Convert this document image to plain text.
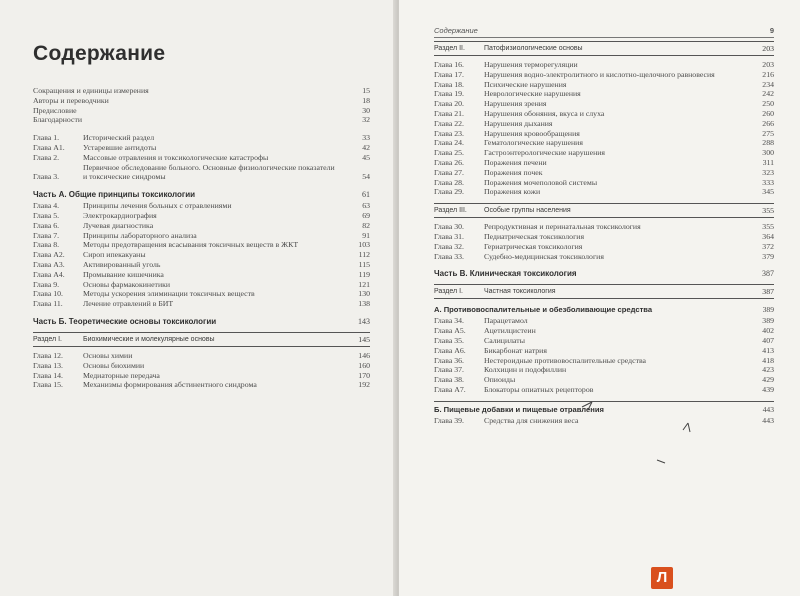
Содержание
Сокращения и единицы измерения	15
Авторы и переводчики	18
Предисловие	30
Благодарности	32
Глава 1.	Исторический раздел	33
Глава А1.	Устаревшие антидоты	42
Глава 2.	Массовые отравления и токсикологические катастрофы	45
Глава 3.
Первичное обследование больного. Основные физиологические показатели и токсические синдромы	54
Часть А. Общие принципы токсикологии	61
Глава 4.	Принципы лечения больных с отравлениями	63
Глава 5.	Электрокардиография	69
Глава 6.	Лучевая диагностика	82
Глава 7.	Принципы лабораторного анализа	91
Глава 8.	Методы предотвращения всасывания токсичных веществ в ЖКТ	103
Глава А2.	Сироп ипекакуаны	112
Глава А3.	Активированный уголь	115
Глава А4.	Промывание кишечника	119
Глава 9.	Основы фармакокинетики	121
Глава 10.	Методы ускорения элиминации токсичных веществ	130
Глава 11.	Лечение отравлений в БИТ	138
Часть Б. Теоретические основы токсикологии	143
Раздел I.	Биохимические и молекулярные основы	145
Глава 12.	Основы химии	146
Глава 13.	Основы биохимии	160
Глава 14.	Медиаторные передача	170
Глава 15.	Механизмы формирования абстинентного синдрома	192
Содержание	9
Раздел II.	Патофизиологические основы	203
Глава 16.	Нарушения терморегуляции	203
Глава 17.	Нарушения водно-электролитного и кислотно-щелочного равновесия	216
Глава 18.	Психические нарушения	234
Глава 19.	Неврологические нарушения	242
Глава 20.	Нарушения зрения	250
Глава 21.	Нарушения обоняния, вкуса и слуха	260
Глава 22.	Нарушения дыхания	266
Глава 23.	Нарушения кровообращения	275
Глава 24.	Гематологические нарушения	288
Глава 25.	Гастроэнтерологические нарушения	300
Глава 26.	Поражения печени	311
Глава 27.	Поражения почек	323
Глава 28.	Поражения мочеполовой системы	333
Глава 29.	Поражения кожи	345
Раздел III.	Особые группы населения	355
Глава 30.	Репродуктивная и перинатальная токсикология	355
Глава 31.	Педиатрическая токсикология	364
Глава 32.	Гериатрическая токсикология	372
Глава 33.	Судебно-медицинская токсикология	379
Часть В. Клиническая токсикология	387
Раздел I.	Частная токсикология	387
А. Противовоспалительные и обезболивающие средства	389
Глава 34.	Парацетамол	389
Глава А5.	Ацетилцистеин	402
Глава 35.	Салицилаты	407
Глава А6.	Бикарбонат натрия	413
Глава 36.	Нестероидные противовоспалительные средства	418
Глава 37.	Колхицин и подофиллин	423
Глава 38.	Опиоиды	429
Глава А7.	Блокаторы опиатных рецепторов	439
Б. Пищевые добавки и пищевые отравления	443
Глава 39.	Средства для снижения веса	443
Л
